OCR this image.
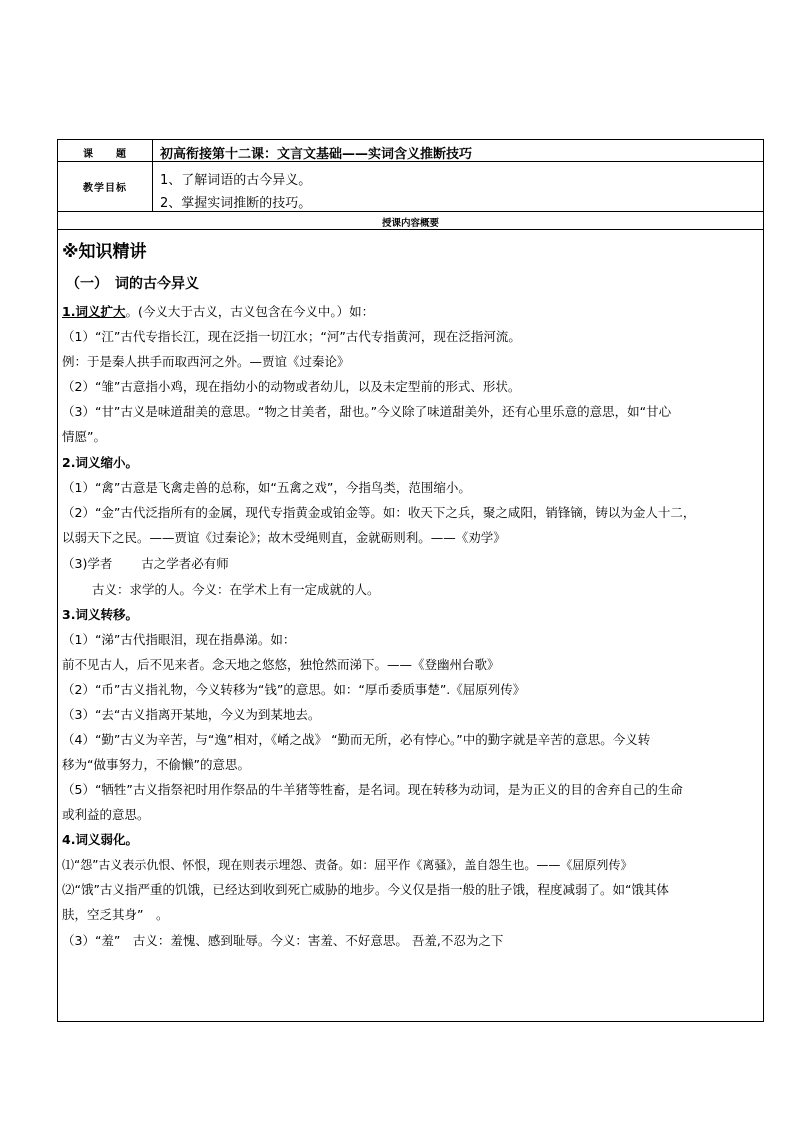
课　　题	初高衔接第十二课：文言文基础——实词含义推断技巧
教学目标
1、了解词语的古今异义。
2、掌握实词推断的技巧。
授课内容概要
※知识精讲
（一）　词的古今异义
1.词义扩大。(今义大于古义，古义包含在今义中。）如：
（1）“江”古代专指长江，现在泛指一切江水；“河”古代专指黄河，现在泛指河流。
例：于是秦人拱手而取西河之外。—贾谊《过秦论》
（2）“雏”古意指小鸡，现在指幼小的动物或者幼儿，以及未定型前的形式、形状。
（3）“甘”古义是味道甜美的意思。“物之甘美者，甜也。”今义除了味道甜美外，还有心里乐意的意思，如“甘心
情愿”。
2.词义缩小。
（1）“禽”古意是飞禽走兽的总称，如“五禽之戏”，今指鸟类，范围缩小。
（2）“金”古代泛指所有的金属，现代专指黄金或铂金等。如：收天下之兵，聚之咸阳，销锋镝，铸以为金人十二，
以弱天下之民。——贾谊《过秦论》；故木受绳则直，金就砺则利。——《劝学》
（3)学者　　 古之学者必有师
古义：求学的人。今义：在学术上有一定成就的人。
3.词义转移。
（1）“涕”古代指眼泪，现在指鼻涕。如：
前不见古人，后不见来者。念天地之悠悠，独怆然而涕下。——《登幽州台歌》
（2）“币”古义指礼物，今义转移为“钱”的意思。如：“厚币委质事楚”.《屈原列传》
（3）“去“古义指离开某地，今义为到某地去。
（4）“勤”古义为辛苦，与“逸”相对，《崤之战》 “勤而无所，必有悖心。”中的勤字就是辛苦的意思。今义转
移为“做事努力，不偷懒”的意思。
（5）“牺牲”古义指祭祀时用作祭品的牛羊猪等牲畜，是名词。现在转移为动词，是为正义的目的舍弃自己的生命
或利益的意思。
4.词义弱化。
⑴“怨”古义表示仇恨、怀恨，现在则表示埋怨、责备。如：屈平作《离骚》，盖自怨生也。——《屈原列传》
⑵“饿”古义指严重的饥饿，已经达到收到死亡威胁的地步。今义仅是指一般的肚子饿，程度减弱了。如“饿其体
肤，空乏其身”　。
（3）“羞”　古义：羞愧、感到耻辱。今义：害羞、不好意思。 吾羞,不忍为之下
